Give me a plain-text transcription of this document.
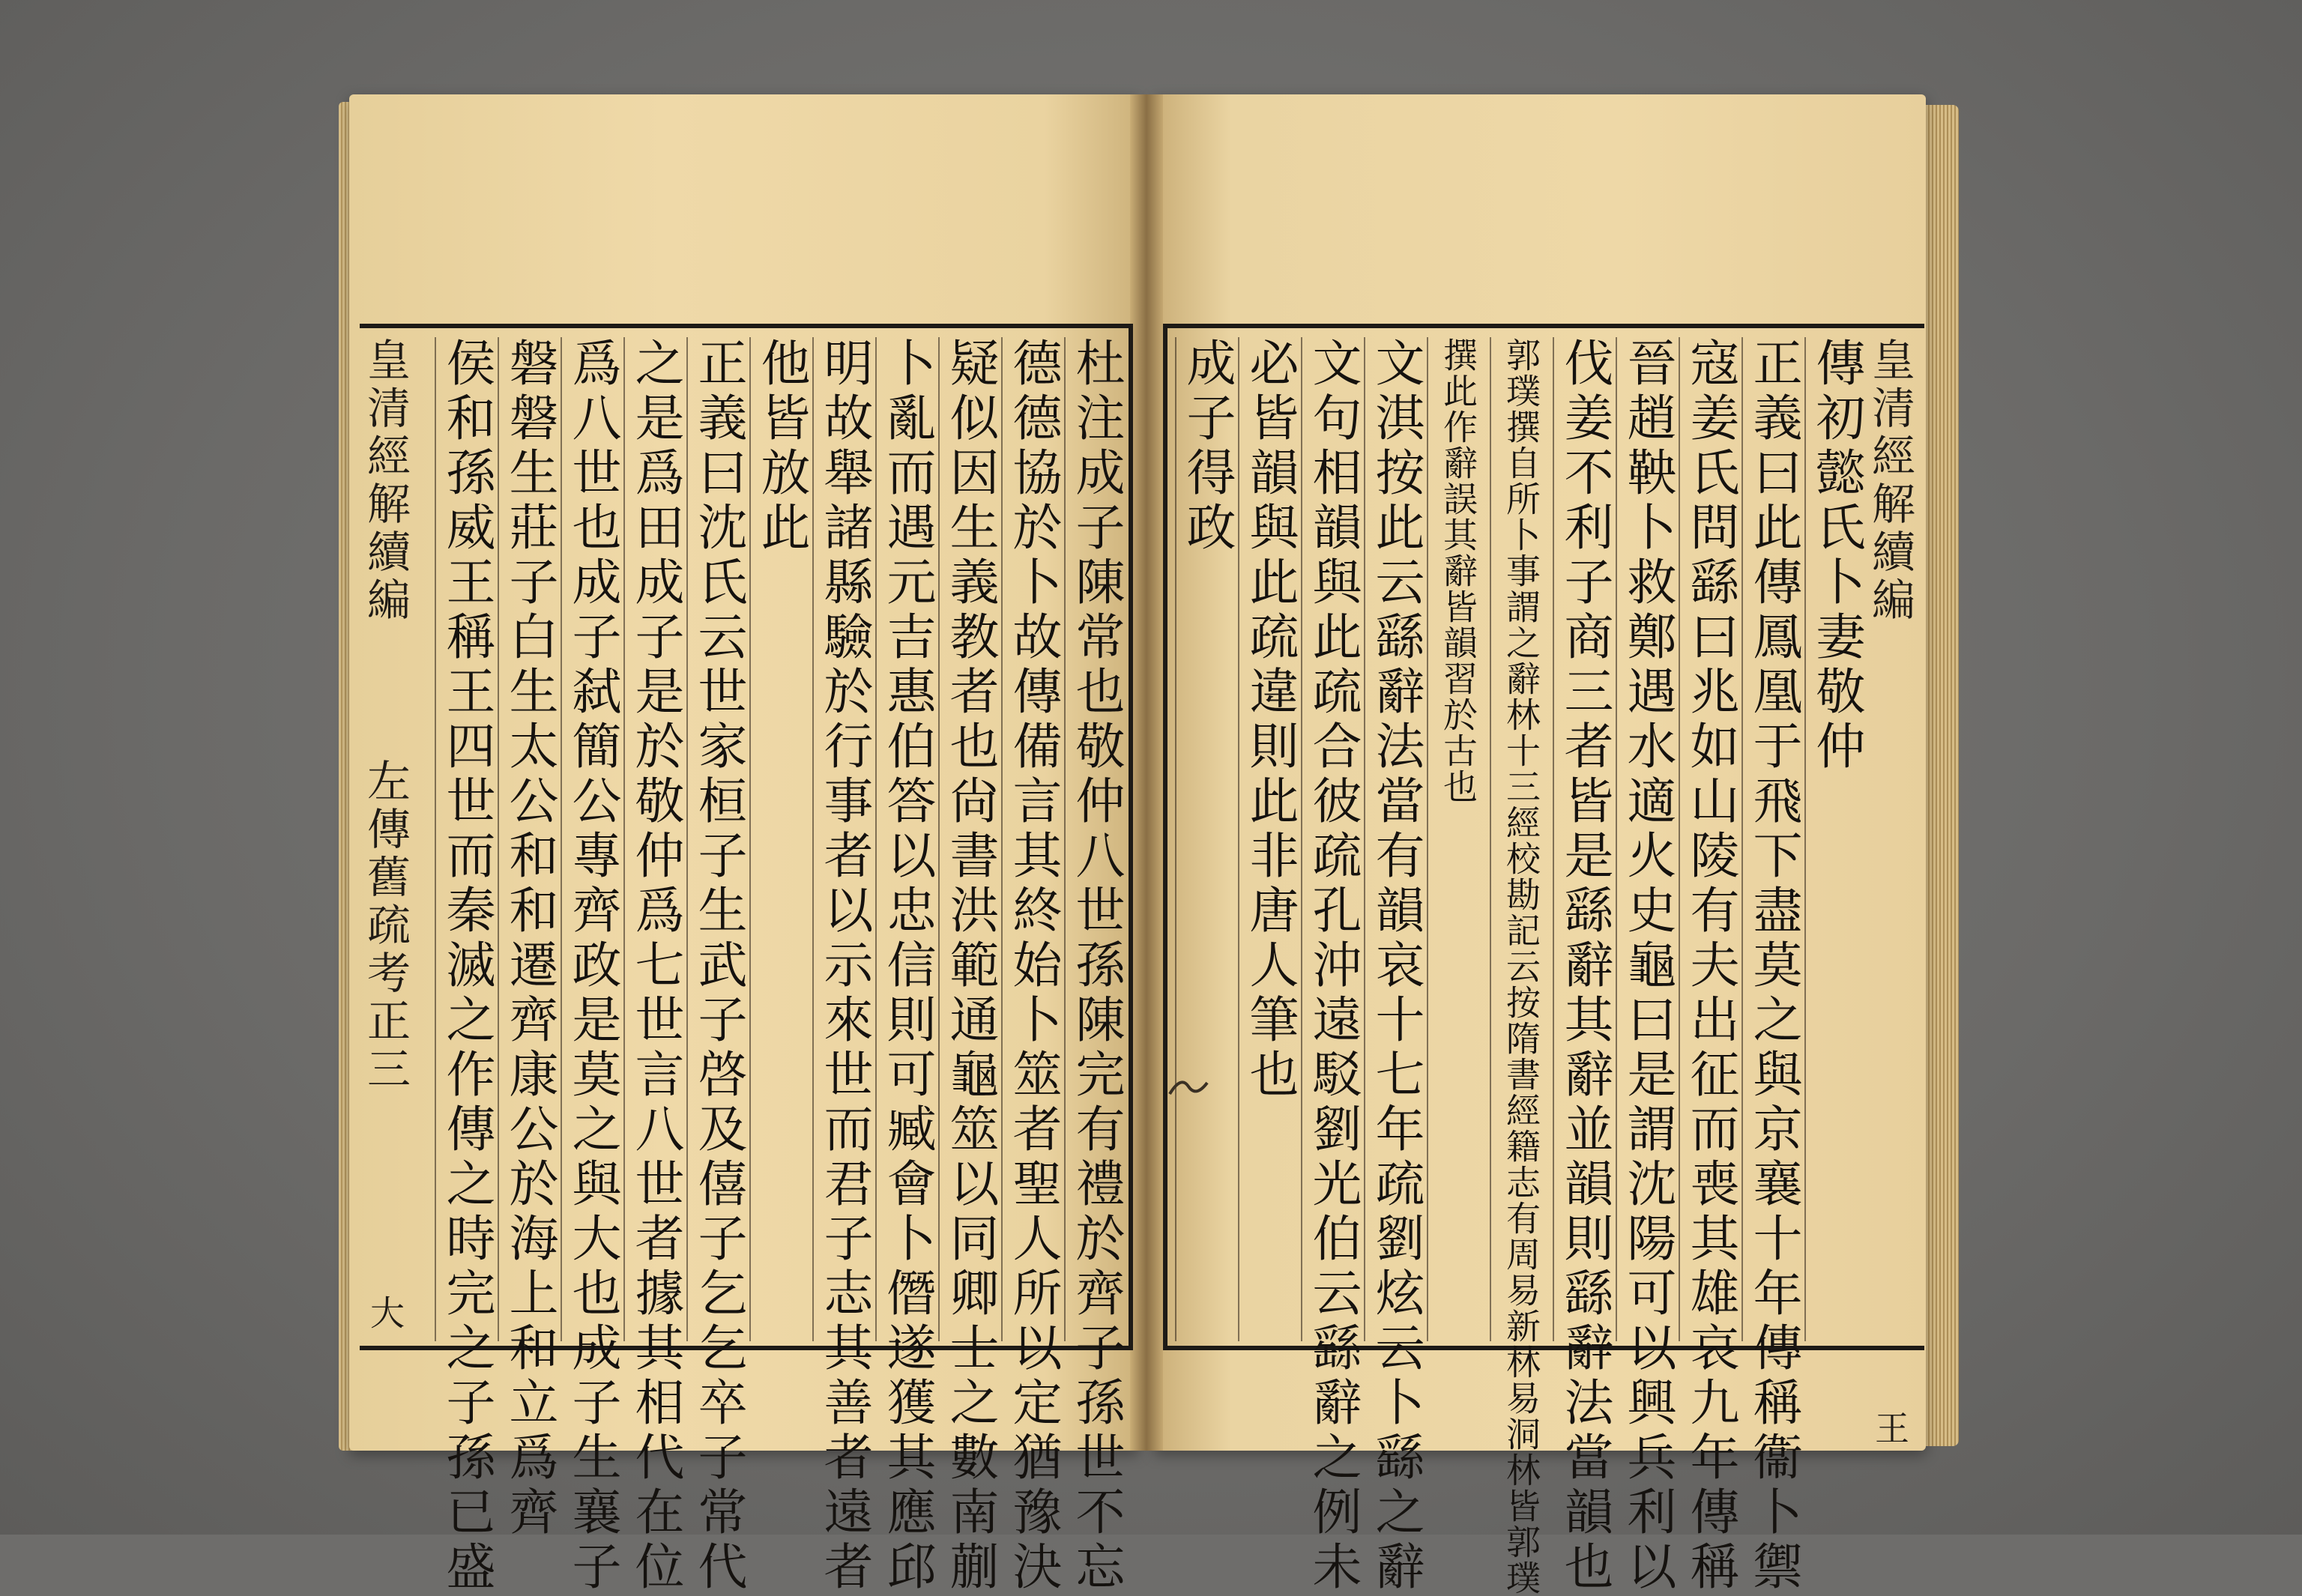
皇清經解續編  左傳舊疏考正三  大	杜注成子陳常也敬仲八世孫陳完有禮於齊子孫世不忘
德德協於卜故傳備言其終始卜筮者聖人所以定猶豫決
疑似因生義教者也尙書洪範通龜筮以同卿士之數南蒯
卜亂而遇元吉惠伯答以忠信則可臧會卜僭遂獲其應邱
明故舉諸縣驗於行事者以示來世而君子志其善者遠者
他皆放此
正義曰沈氏云世家桓子生武子啓及僖子乞乞卒子常代
之是爲田成子是於敬仲爲七世言八世者據其相代在位
爲八世也成子弑簡公專齊政是莫之與大也成子生襄子
磐磐生莊子白生太公和和遷齊康公於海上和立爲齊
侯和孫威王稱王四世而秦滅之作傳之時完之子孫已盛	皇清經解續編  王
傳初懿氏卜妻敬仲
正義曰此傳鳳凰于飛下盡莫之與京襄十年傳稱衞卜禦
寇姜氏問繇曰兆如山陵有夫出征而喪其雄哀九年傳稱
晉趙鞅卜救鄭遇水適火史龜曰是謂沈陽可以興兵利以
伐姜不利子商三者皆是繇辭其辭並韻則繇辭法當韻也
郭璞撰自所卜事謂之辭林十三經校勘記云按隋書經籍志有周易新林易洞林皆郭璞
撰此作辭誤其辭皆韻習於古也
文淇按此云繇辭法當有韻哀十七年疏劉炫云卜繇之辭
文句相韻與此疏合彼疏孔沖遠駁劉光伯云繇辭之例未
必皆韻與此疏違則此非唐人筆也
成子得政
